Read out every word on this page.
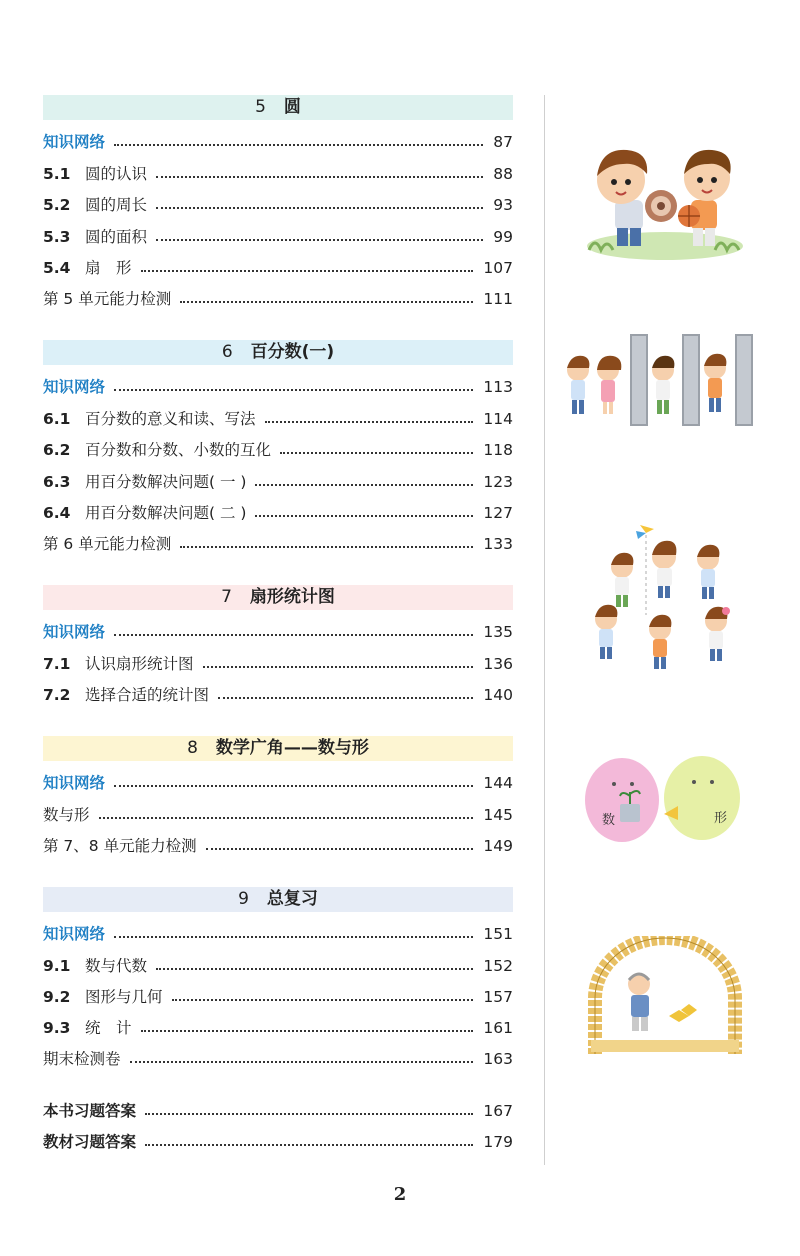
5 圆
知识网络	87
5.1 圆的认识	88
5.2 圆的周长	93
5.3 圆的面积	99
5.4 扇　形	107
第 5 单元能力检测	111
6 百分数(一)
知识网络	113
6.1 百分数的意义和读、写法	114
6.2 百分数和分数、小数的互化	118
6.3 用百分数解决问题( 一 )	123
6.4 用百分数解决问题( 二 )	127
第 6 单元能力检测	133
7 扇形统计图
知识网络	135
7.1 认识扇形统计图	136
7.2 选择合适的统计图	140
8 数学广角——数与形
知识网络	144
数与形	145
第 7、8 单元能力检测	149
9 总复习
知识网络	151
9.1 数与代数	152
9.2 图形与几何	157
9.3 统　计	161
期末检测卷	163
本书习题答案	167
教材习题答案	179
数	形
2
